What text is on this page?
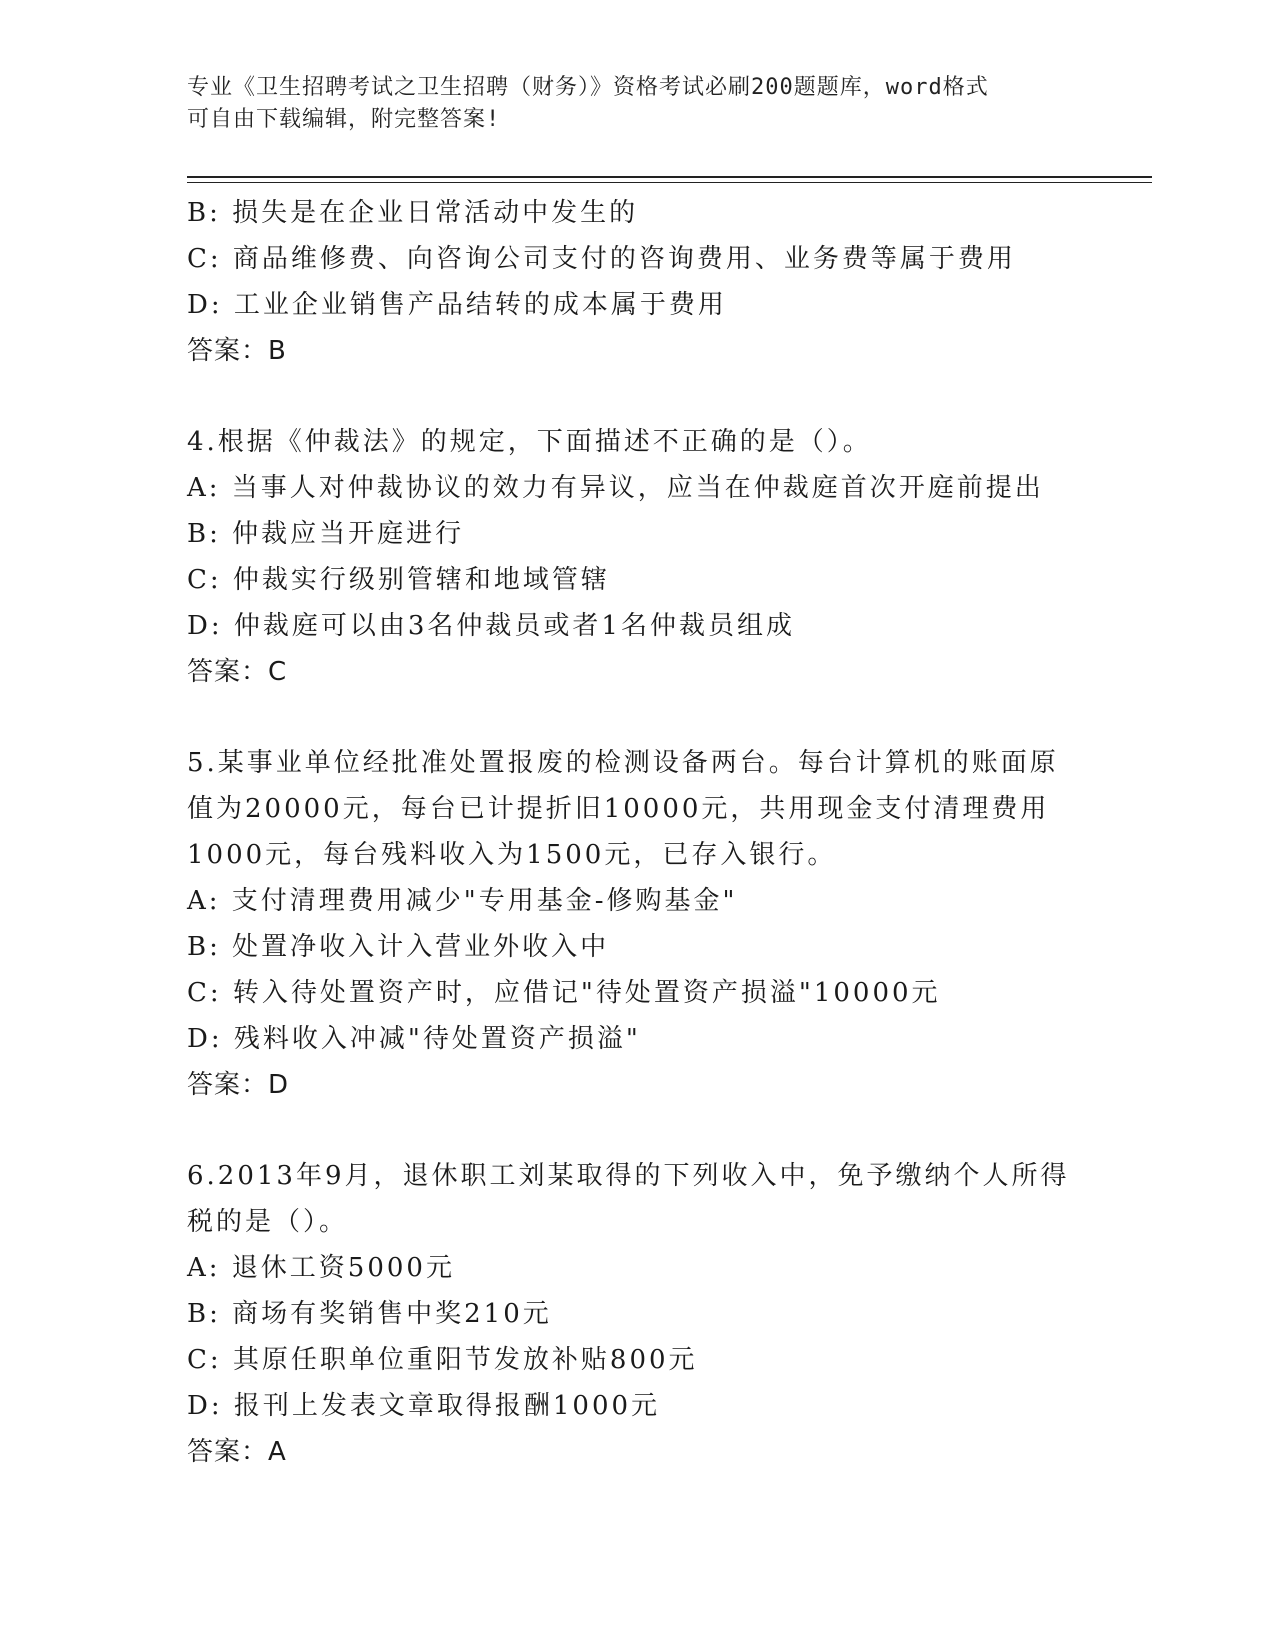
专业《卫生招聘考试之卫生招聘（财务）》资格考试必刷200题题库，word格式
可自由下载编辑，附完整答案!
B: 损失是在企业日常活动中发生的
C: 商品维修费、向咨询公司支付的咨询费用、业务费等属于费用
D: 工业企业销售产品结转的成本属于费用
答案：B
4.根据《仲裁法》的规定，下面描述不正确的是（）。
A: 当事人对仲裁协议的效力有异议，应当在仲裁庭首次开庭前提出
B: 仲裁应当开庭进行
C: 仲裁实行级别管辖和地域管辖
D: 仲裁庭可以由3名仲裁员或者1名仲裁员组成
答案：C
5.某事业单位经批准处置报废的检测设备两台。每台计算机的账面原
值为20000元，每台已计提折旧10000元，共用现金支付清理费用
1000元，每台残料收入为1500元，已存入银行。
A: 支付清理费用减少"专用基金-修购基金"
B: 处置净收入计入营业外收入中
C: 转入待处置资产时，应借记"待处置资产损溢"10000元
D: 残料收入冲减"待处置资产损溢"
答案：D
6.2013年9月，退休职工刘某取得的下列收入中，免予缴纳个人所得
税的是（）。
A: 退休工资5000元
B: 商场有奖销售中奖210元
C: 其原任职单位重阳节发放补贴800元
D: 报刊上发表文章取得报酬1000元
答案：A
